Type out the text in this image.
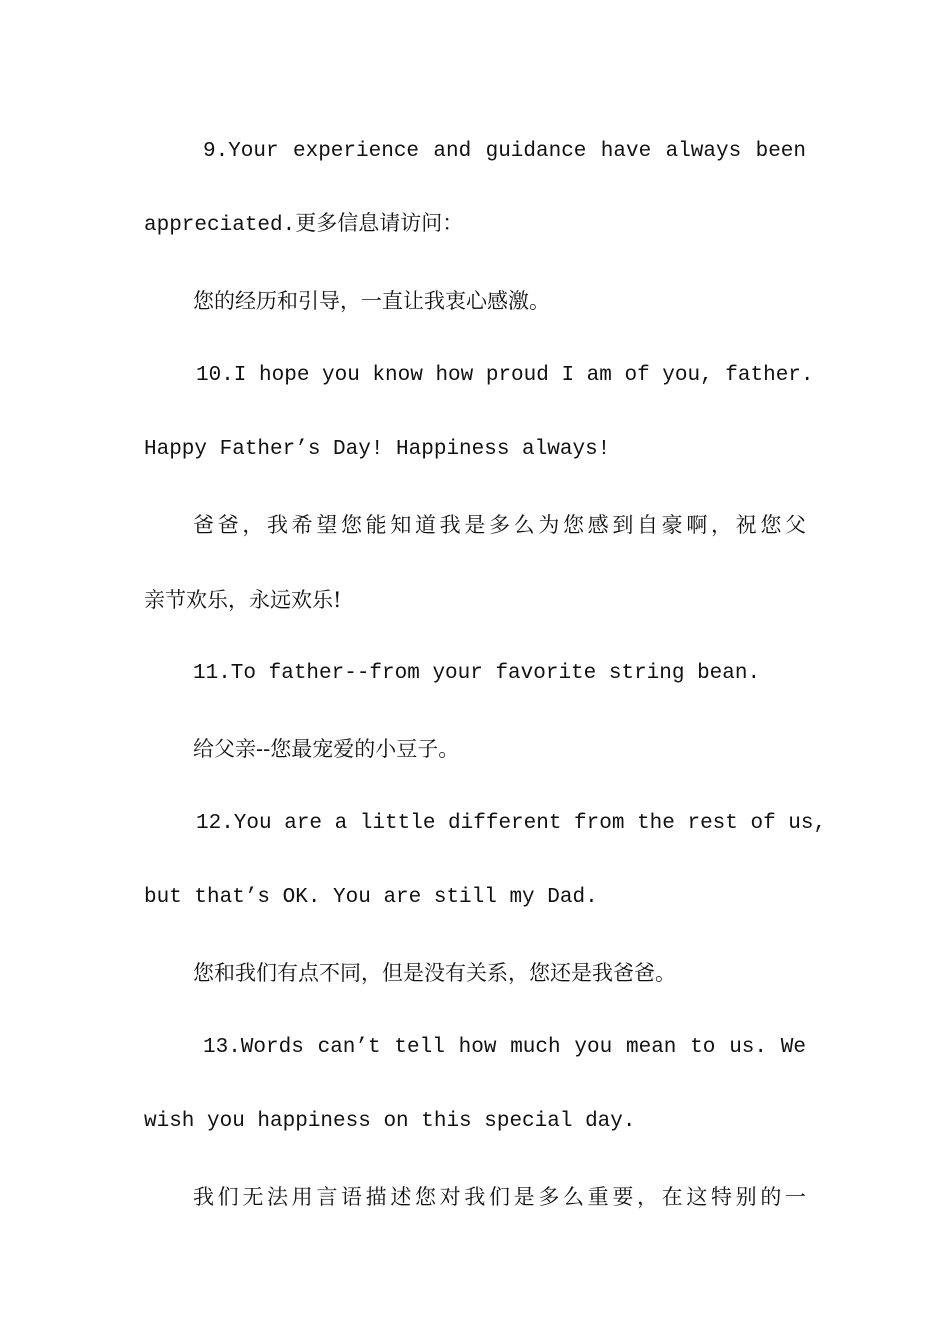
9.Your experience and guidance have always been
appreciated.更多信息请访问：
您的经历和引导，一直让我衷心感激。
10.I hope you know how proud I am of you, father.
Happy Father’s Day! Happiness always!
爸爸，我希望您能知道我是多么为您感到自豪啊，祝您父
亲节欢乐，永远欢乐!
11.To father--from your favorite string bean.
给父亲--您最宠爱的小豆子。
12.You are a little different from the rest of us,
but that’s OK. You are still my Dad.
您和我们有点不同，但是没有关系，您还是我爸爸。
13.Words can’t tell how much you mean to us. We
wish you happiness on this special day.
我们无法用言语描述您对我们是多么重要，在这特别的一
